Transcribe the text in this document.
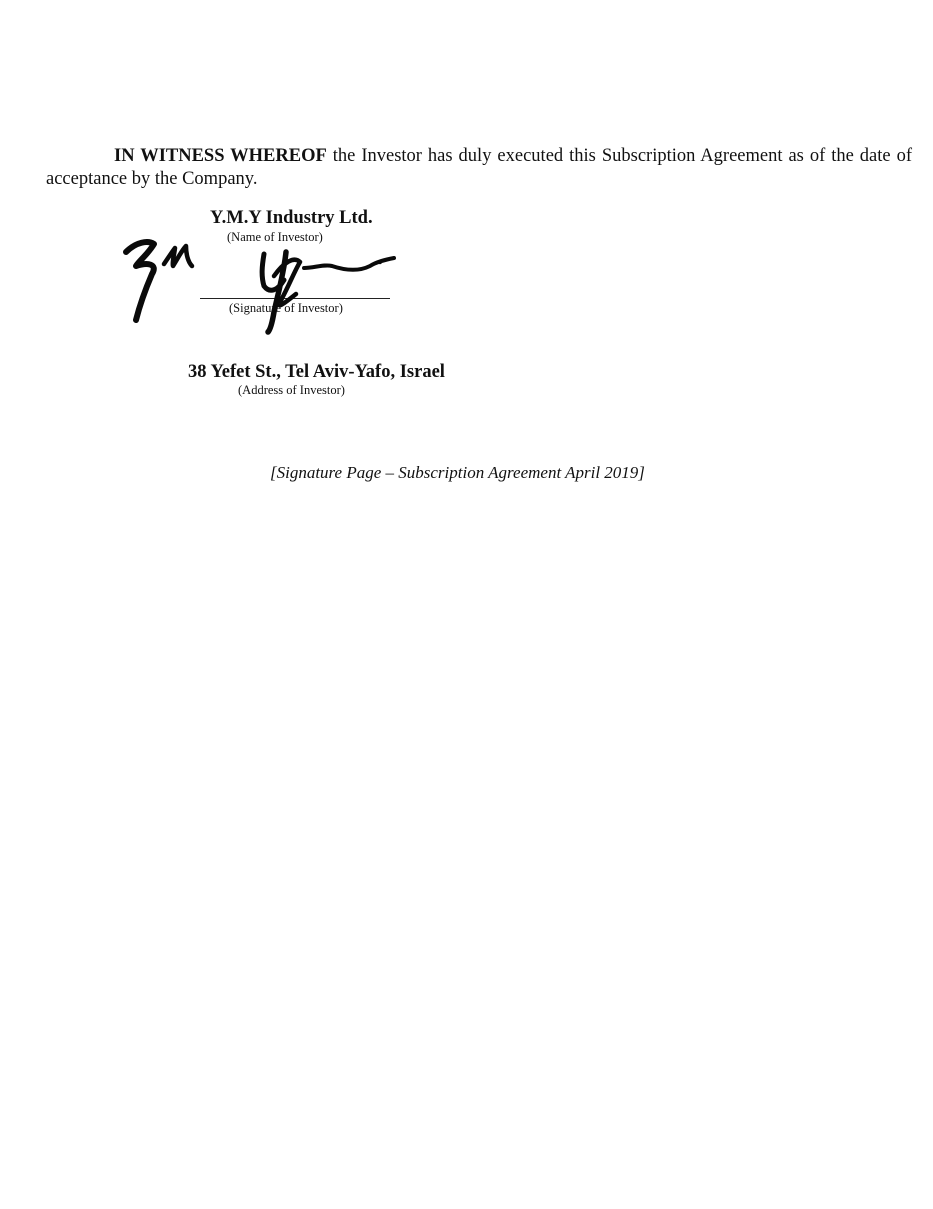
IN WITNESS WHEREOF the Investor has duly executed this Subscription Agreement as of the date of acceptance by the Company.

Y.M.Y Industry Ltd.
(Name of Investor)
(Signature of Investor)
38 Yefet St., Tel Aviv-Yafo, Israel
(Address of Investor)
[Signature Page – Subscription Agreement April 2019]
